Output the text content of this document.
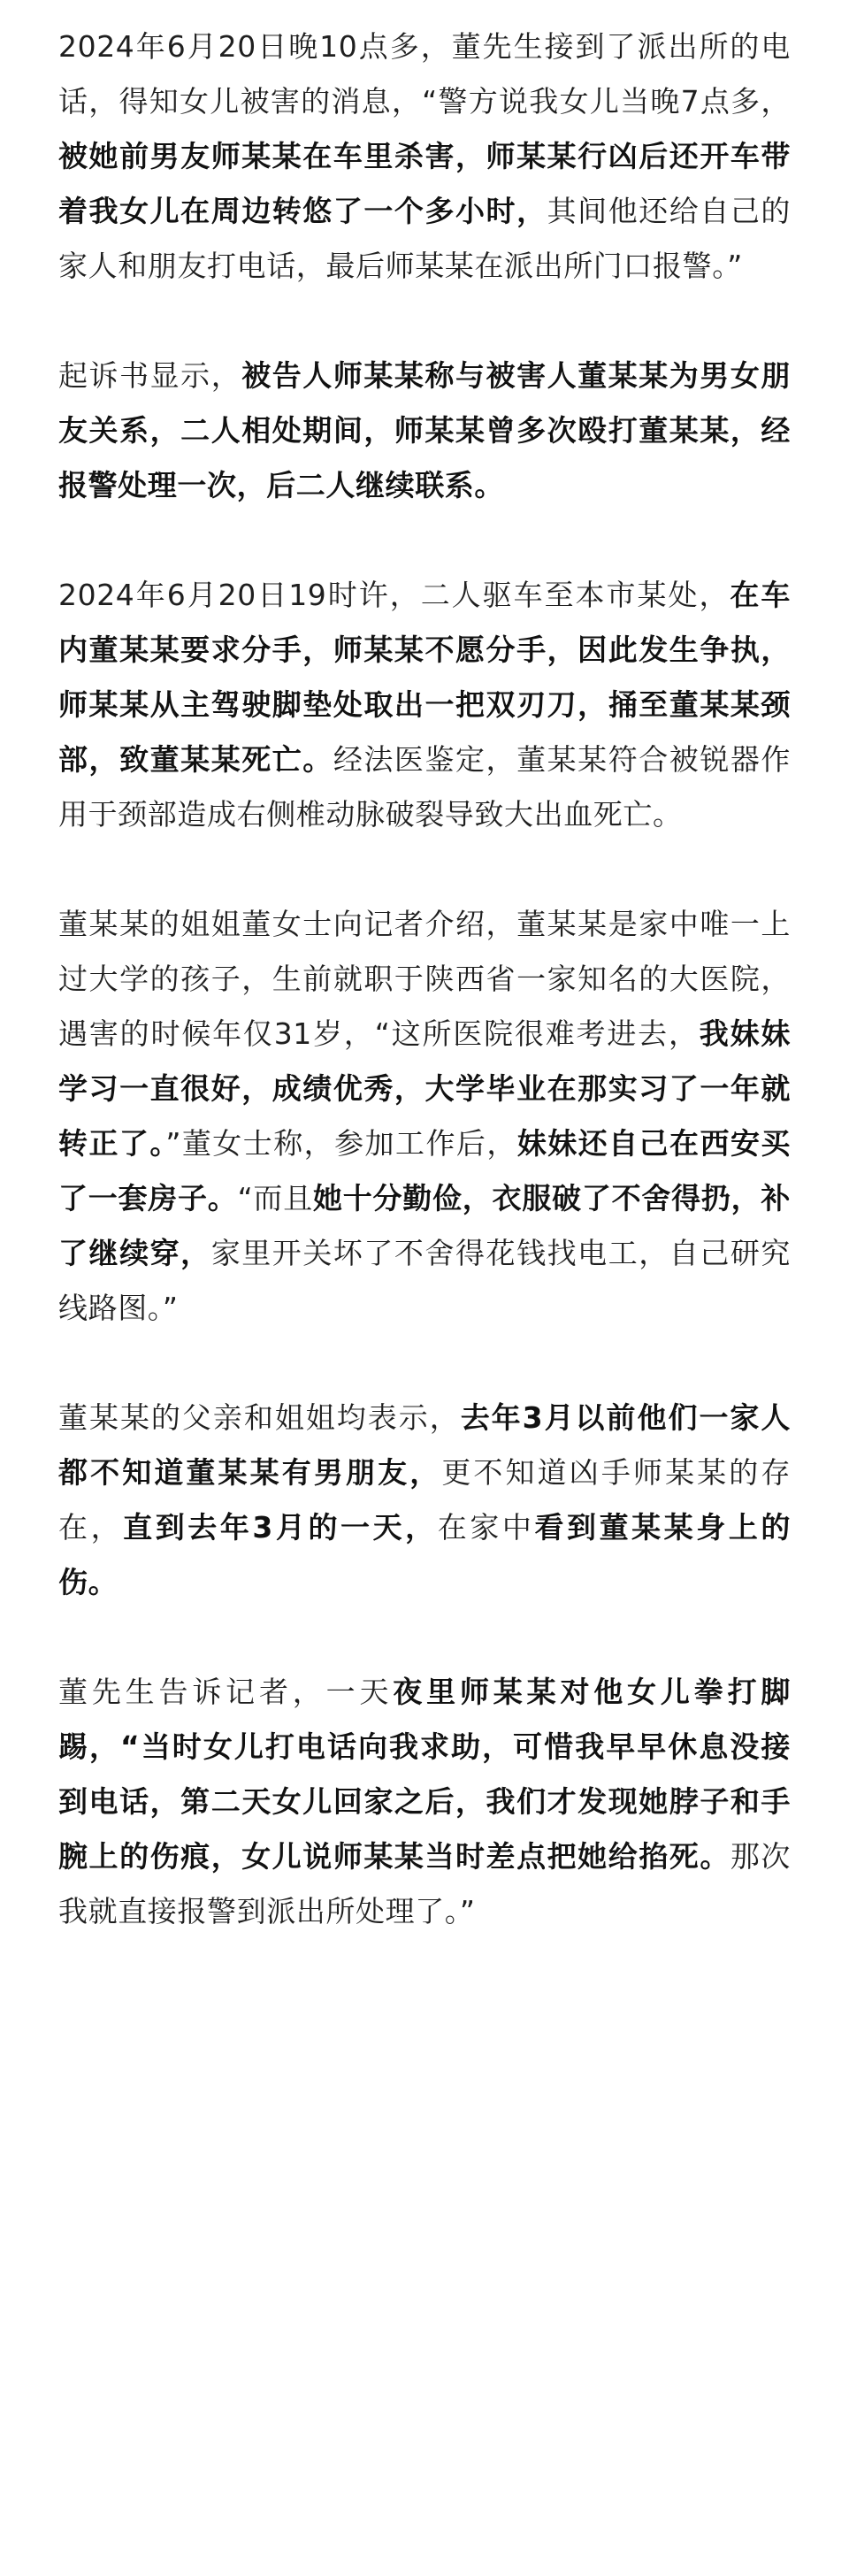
2024年6月20日晚10点多，董先生接到了派出所的电话，得知女儿被害的消息，“警方说我女儿当晚7点多，被她前男友师某某在车里杀害，师某某行凶后还开车带着我女儿在周边转悠了一个多小时，其间他还给自己的家人和朋友打电话，最后师某某在派出所门口报警。”

起诉书显示，被告人师某某称与被害人董某某为男女朋友关系，二人相处期间，师某某曾多次殴打董某某，经报警处理一次，后二人继续联系。

2024年6月20日19时许，二人驱车至本市某处，在车内董某某要求分手，师某某不愿分手，因此发生争执，师某某从主驾驶脚垫处取出一把双刃刀，捅至董某某颈部，致董某某死亡。经法医鉴定，董某某符合被锐器作用于颈部造成右侧椎动脉破裂导致大出血死亡。

董某某的姐姐董女士向记者介绍，董某某是家中唯一上过大学的孩子，生前就职于陕西省一家知名的大医院，遇害的时候年仅31岁，“这所医院很难考进去，我妹妹学习一直很好，成绩优秀，大学毕业在那实习了一年就转正了。”董女士称，参加工作后，妹妹还自己在西安买了一套房子。“而且她十分勤俭，衣服破了不舍得扔，补了继续穿，家里开关坏了不舍得花钱找电工，自己研究线路图。”

董某某的父亲和姐姐均表示，去年3月以前他们一家人都不知道董某某有男朋友，更不知道凶手师某某的存在，直到去年3月的一天，在家中看到董某某身上的伤。

董先生告诉记者，一天夜里师某某对他女儿拳打脚踢，“当时女儿打电话向我求助，可惜我早早休息没接到电话，第二天女儿回家之后，我们才发现她脖子和手腕上的伤痕，女儿说师某某当时差点把她给掐死。那次我就直接报警到派出所处理了。”
